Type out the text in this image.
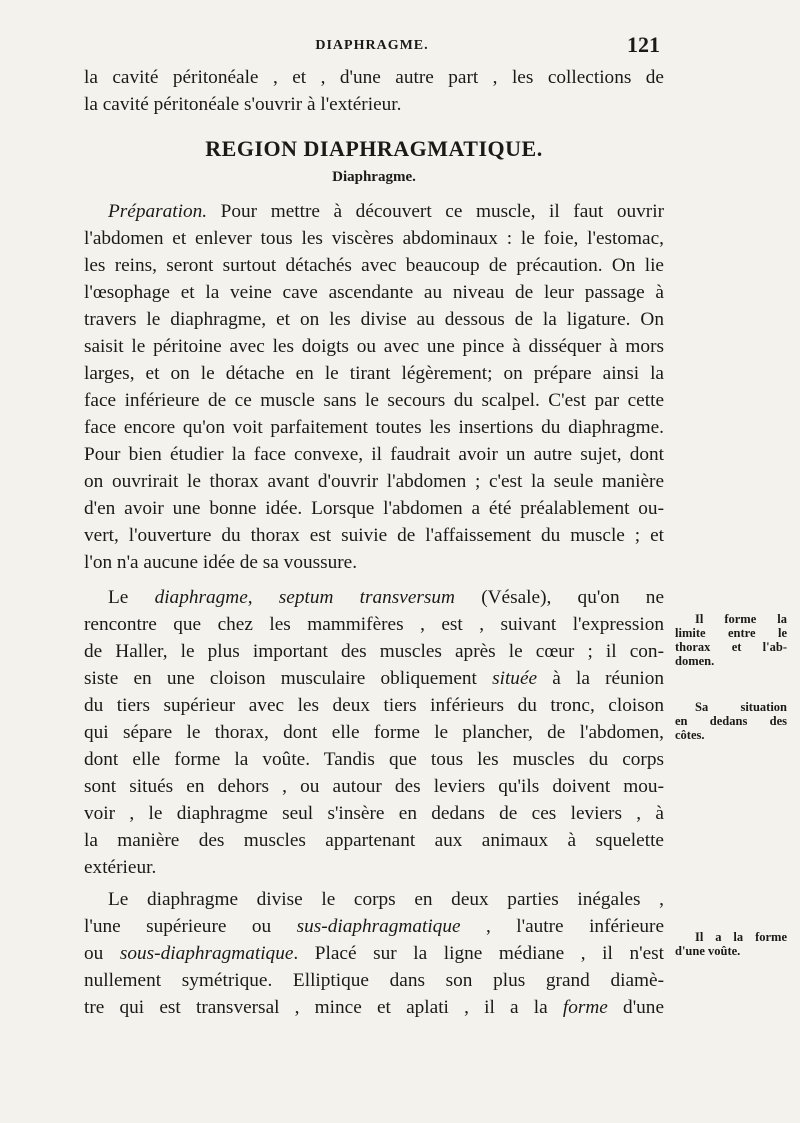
DIAPHRAGME.	121
la cavité péritonéale , et , d'une autre part , les collections de
la cavité péritonéale s'ouvrir à l'extérieur.
REGION DIAPHRAGMATIQUE.
Diaphragme.
Préparation. Pour mettre à découvert ce muscle, il faut ouvrir
l'abdomen et enlever tous les viscères abdominaux : le foie, l'estomac,
les reins, seront surtout détachés avec beaucoup de précaution. On lie
l'œsophage et la veine cave ascendante au niveau de leur passage à
travers le diaphragme, et on les divise au dessous de la ligature. On
saisit le péritoine avec les doigts ou avec une pince à disséquer à mors
larges, et on le détache en le tirant légèrement; on prépare ainsi la
face inférieure de ce muscle sans le secours du scalpel. C'est par cette
face encore qu'on voit parfaitement toutes les insertions du diaphragme.
Pour bien étudier la face convexe, il faudrait avoir un autre sujet, dont
on ouvrirait le thorax avant d'ouvrir l'abdomen ; c'est la seule manière
d'en avoir une bonne idée. Lorsque l'abdomen a été préalablement ou-
vert, l'ouverture du thorax est suivie de l'affaissement du muscle ; et
l'on n'a aucune idée de sa voussure.
Le diaphragme, septum transversum (Vésale), qu'on ne
rencontre que chez les mammifères , est , suivant l'expression
de Haller, le plus important des muscles après le cœur ; il con-
siste en une cloison musculaire obliquement située à la réunion
du tiers supérieur avec les deux tiers inférieurs du tronc, cloison
qui sépare le thorax, dont elle forme le plancher, de l'abdomen,
dont elle forme la voûte. Tandis que tous les muscles du corps
sont situés en dehors , ou autour des leviers qu'ils doivent mou-
voir , le diaphragme seul s'insère en dedans de ces leviers , à
la manière des muscles appartenant aux animaux à squelette
extérieur.
Le diaphragme divise le corps en deux parties inégales ,
l'une supérieure ou sus-diaphragmatique , l'autre inférieure
ou sous-diaphragmatique. Placé sur la ligne médiane , il n'est
nullement symétrique. Elliptique dans son plus grand diamè-
tre qui est transversal , mince et aplati , il a la forme d'une
Il forme la
limite entre le
thorax et l'ab-
domen.
Sa situation
en dedans des
côtes.
Il a la forme
d'une voûte.
